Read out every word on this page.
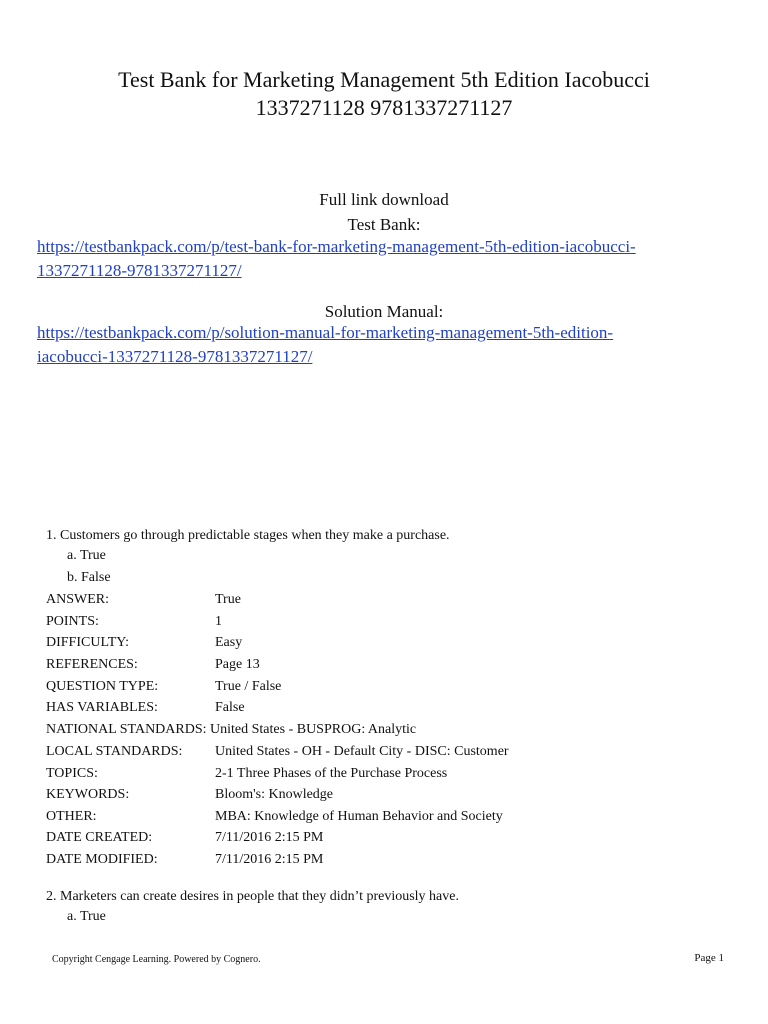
Test Bank for Marketing Management 5th Edition Iacobucci
1337271128 9781337271127
Full link download
Test Bank:
https://testbankpack.com/p/test-bank-for-marketing-management-5th-edition-iacobucci-
1337271128-9781337271127/
Solution Manual:
https://testbankpack.com/p/solution-manual-for-marketing-management-5th-edition-
iacobucci-1337271128-9781337271127/
1. Customers go through predictable stages when they make a purchase.
a. True
b. False
ANSWER:	True
POINTS:	1
DIFFICULTY:	Easy
REFERENCES:	Page 13
QUESTION TYPE:	True / False
HAS VARIABLES:	False
NATIONAL STANDARDS: United States - BUSPROG: Analytic
LOCAL STANDARDS: United States - OH - Default City - DISC: Customer
TOPICS:	2-1 Three Phases of the Purchase Process
KEYWORDS:	Bloom's: Knowledge
OTHER:	MBA: Knowledge of Human Behavior and Society
DATE CREATED:	7/11/2016 2:15 PM
DATE MODIFIED:	7/11/2016 2:15 PM
2. Marketers can create desires in people that they didn’t previously have.
a. True
Copyright Cengage Learning. Powered by Cognero.	Page 1
